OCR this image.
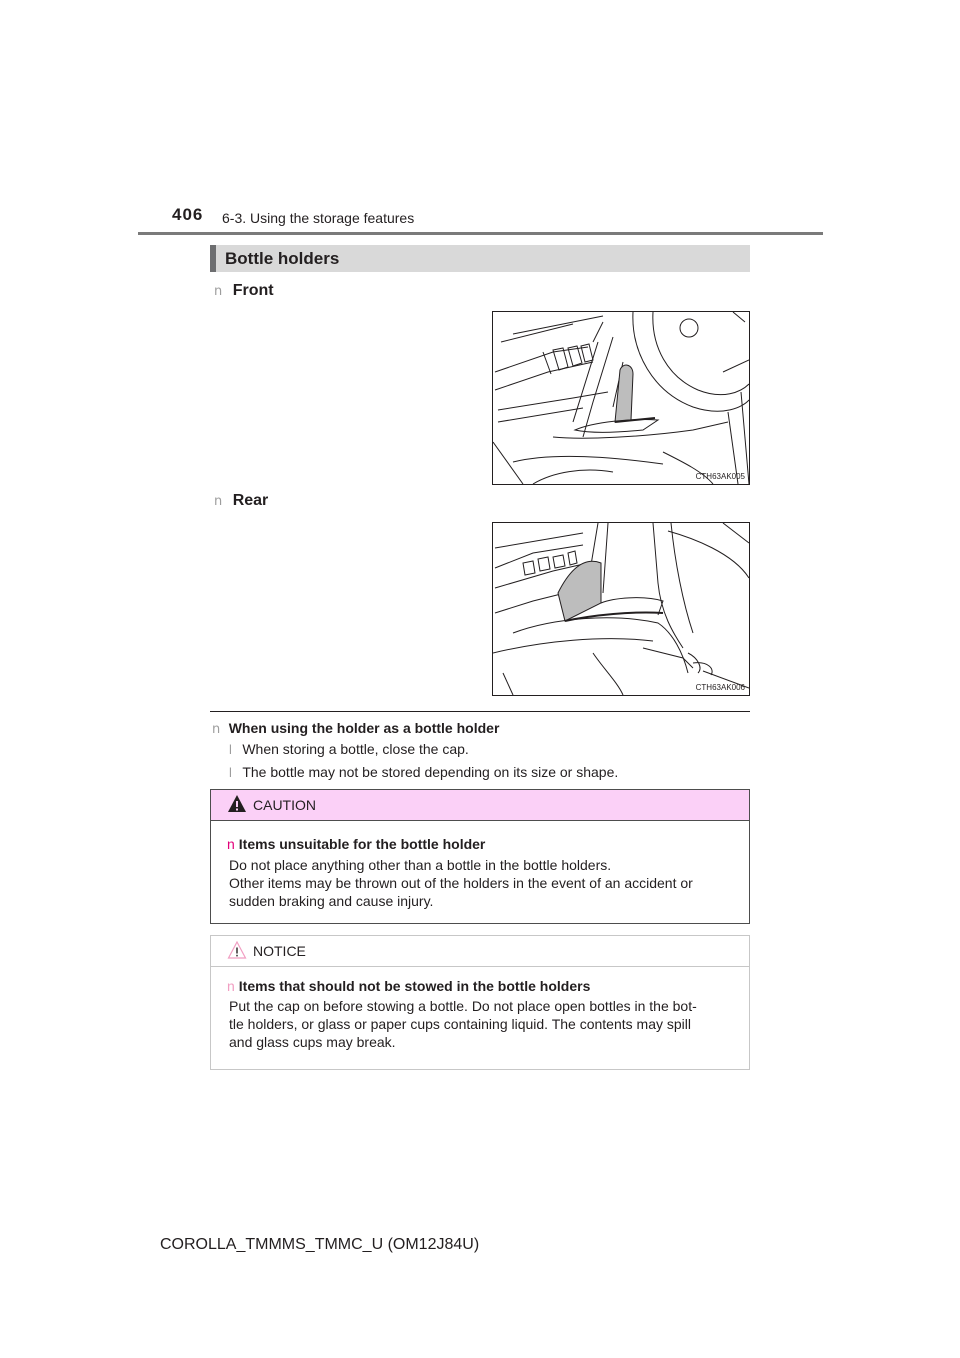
406 6-3. Using the storage features
Bottle holders
n Front
CTH63AK005
n Rear
CTH63AK006
n When using the holder as a bottle holder
l When storing a bottle, close the cap.
l The bottle may not be stored depending on its size or shape.
CAUTION
n Items unsuitable for the bottle holder

Do not place anything other than a bottle in the bottle holders.

Other items may be thrown out of the holders in the event of an accident or

sudden braking and cause injury.

NOTICE
n Items that should not be stowed in the bottle holders

Put the cap on before stowing a bottle. Do not place open bottles in the bot-

tle holders, or glass or paper cups containing liquid. The contents may spill

and glass cups may break.

COROLLA_TMMMS_TMMC_U (OM12J84U)
